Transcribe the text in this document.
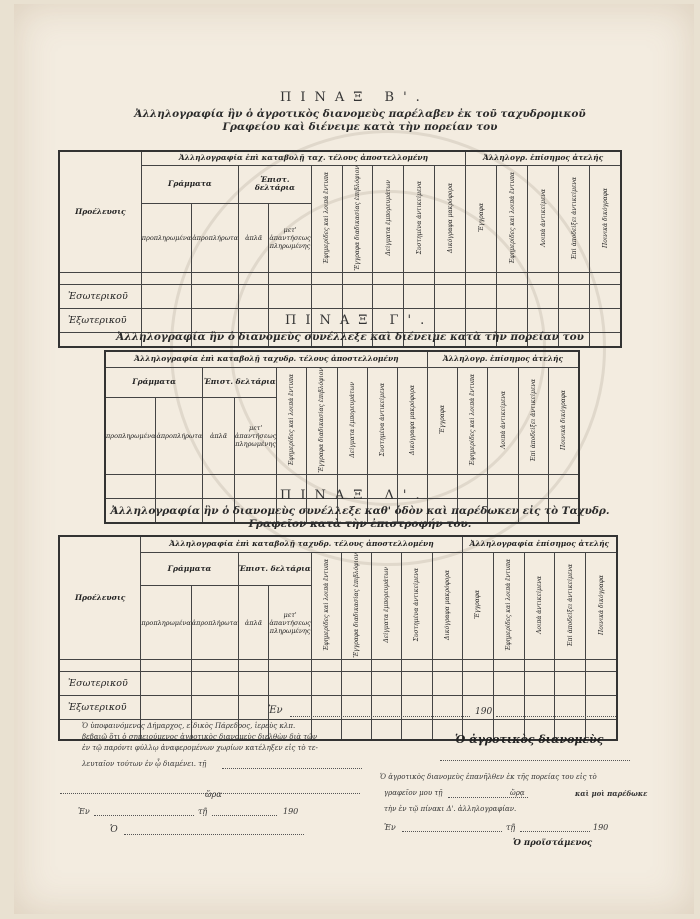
ΠΙΝΑΞ Β'.
Ἀλληλογραφία ἣν ὁ ἀγροτικὸς διανομεὺς παρέλαβεν ἐκ τοῦ ταχυδρομικοῦ
Γραφείου καὶ διένειμε κατὰ τὴν πορείαν του
Προέλευσις	Ἀλληλογραφία ἐπὶ καταβολῇ ταχ. τέλους ἀποστελλομένη									Ἀλληλογρ. ἐπίσημος ἀτελής				
	Γράμματα		Ἐπιστ. δελτάρια		Ἐφημερίδες καὶ λοιπὰ ἔντυπα	Ἔγγραφα διαδικασίας ἐπιβλόφιον	Δείγματα ἐμπορευμάτων	Συστημένα ἀντικείμενα	Δικόγραφα μακρόφορα	Ἔγγραφα	Ἐφημερίδες καὶ λοιπὰ ἔντυπα	Λοιπὰ ἀντικείμενα	Ἐπὶ ἀποδείξει ἀντικείμενα	Ποινικὰ δικόγραφα
	προπληρωμένα	ἀπροπλήρωτα	ἁπλᾶ	μετ' ἀπαντήσεως πληρωμένης										

Ἐσωτερικοῦ														
Ἐξωτερικοῦ														
															ΠΙΝΑΞ Γ'.
Ἀλληλογραφία ἣν ὁ διανομεὺς συνέλλεξε καὶ διένειμε κατὰ τὴν πορείαν του
Ἀλληλογραφία ἐπὶ καταβολῇ ταχυδρ. τέλους ἀποστελλομένη									Ἀλληλογρ. ἐπίσημος ἀτελής				
Γράμματα		Ἐπιστ. δελτάρια		Ἐφημερίδες καὶ λοιπὰ ἔντυπα	Ἔγγραφα διαδικασίας ἐπιβλόφιον	Δείγματα ἐμπορευμάτων	Συστημένα ἀντικείμενα	Δικόγραφα μακρόφορα	Ἔγγραφα	Ἐφημερίδες καὶ λοιπὰ ἔντυπα	Λοιπὰ ἀντικείμενα	Ἐπὶ ἀποδείξει ἀντικείμενα	Ποινικὰ δικόγραφα
προπληρωμένα	ἀπροπλήρωτα	ἁπλᾶ	μετ' ἀπαντήσεως πληρωμένης										

ΠΙΝΑΞ Δ'.
Ἀλληλογραφία ἣν ὁ διανομεὺς συνέλλεξε καθ' ὁδὸν καὶ παρέδωκεν εἰς τὸ Ταχυδρ.
Γραφεῖον κατὰ τὴν ἐπιστροφήν του.
Προέλευσις	Ἀλληλογραφία ἐπὶ καταβολῇ ταχυδρ. τέλους ἀποστελλομένη									Ἀλληλογραφία ἐπίσημος ἀτελής				
	Γράμματα		Ἐπιστ. δελτάρια		Ἐφημερίδες καὶ λοιπὰ ἔντυπα	Ἔγγραφα διαδικασίας ἐπιβλόφιον	Δείγματα ἐμπορευμάτων	Συστημένα ἀντικείμενα	Δικόγραφα μακρόφορα	Ἔγγραφα	Ἐφημερίδες καὶ λοιπὰ ἔντυπα	Λοιπὰ ἀντικείμενα	Ἐπὶ ἀποδείξει ἀντικείμενα	Ποινικὰ δικόγραφα
	προπληρωμένα	ἀπροπλήρωτα	ἁπλᾶ	μετ' ἀπαντήσεως πληρωμένης										

Ἐσωτερικοῦ														
Ἐξωτερικοῦ														
															Ἐν	190
Ὁ ἀγροτικὸς διανομεὺς
Ὁ ὑποφαινόμενος Δήμαρχος, εἰδικὸς Πάρεδρος, ἱερεὺς κλπ.
βεβαιῶ ὅτι ὁ σημειούμενος ἀγροτικὸς διανομεὺς διελθὼν διὰ τῶν
ἐν τῷ παρόντι φύλλῳ ἀναφερομένων χωρίων κατέληξεν εἰς τὸ τε-
λευταῖον τούτων ἐν ᾧ διαμένει. τῇ
ὥρα
Ἐν	τῇ	190
Ὁ
Ὁ ἀγροτικὸς διανομεὺς ἐπανῆλθεν ἐκ τῆς πορείας του εἰς τὸ
γραφεῖον μου τῇ	ὥρᾳ	καὶ μοὶ παρέδωκε
τὴν ἐν τῷ πίνακι Δ'. ἀλληλογραφίαν.
Ἐν	τῇ	190
Ὁ προϊστάμενος
